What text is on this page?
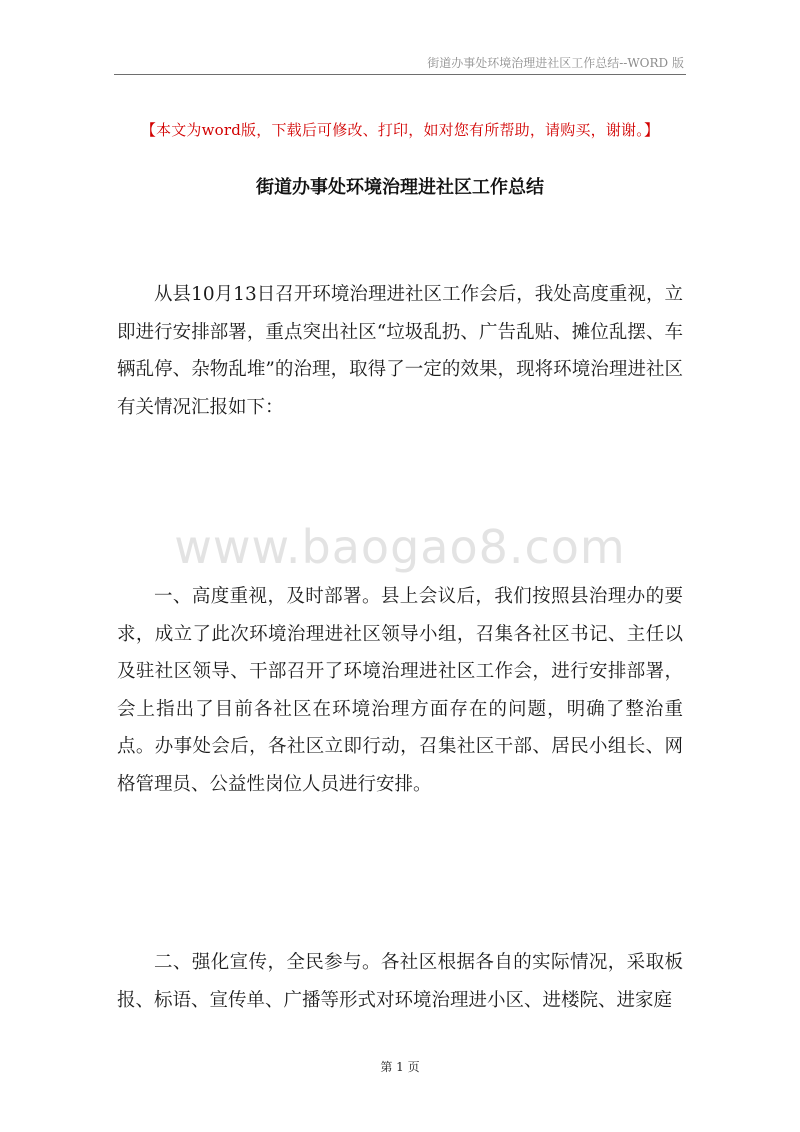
街道办事处环境治理进社区工作总结--WORD 版
【本文为word版，下载后可修改、打印，如对您有所帮助，请购买，谢谢。】
街道办事处环境治理进社区工作总结

从县10月13日召开环境治理进社区工作会后，我处高度重视，立即进行安排部署，重点突出社区“垃圾乱扔、广告乱贴、摊位乱摆、车辆乱停、杂物乱堆”的治理，取得了一定的效果，现将环境治理进社区有关情况汇报如下：

www.baogao8.com

一、高度重视，及时部署。县上会议后，我们按照县治理办的要求，成立了此次环境治理进社区领导小组，召集各社区书记、主任以及驻社区领导、干部召开了环境治理进社区工作会，进行安排部署，会上指出了目前各社区在环境治理方面存在的问题，明确了整治重点。办事处会后，各社区立即行动，召集社区干部、居民小组长、网格管理员、公益性岗位人员进行安排。

二、强化宣传，全民参与。各社区根据各自的实际情况，采取板报、标语、宣传单、广播等形式对环境治理进小区、进楼院、进家庭

第 1 页
